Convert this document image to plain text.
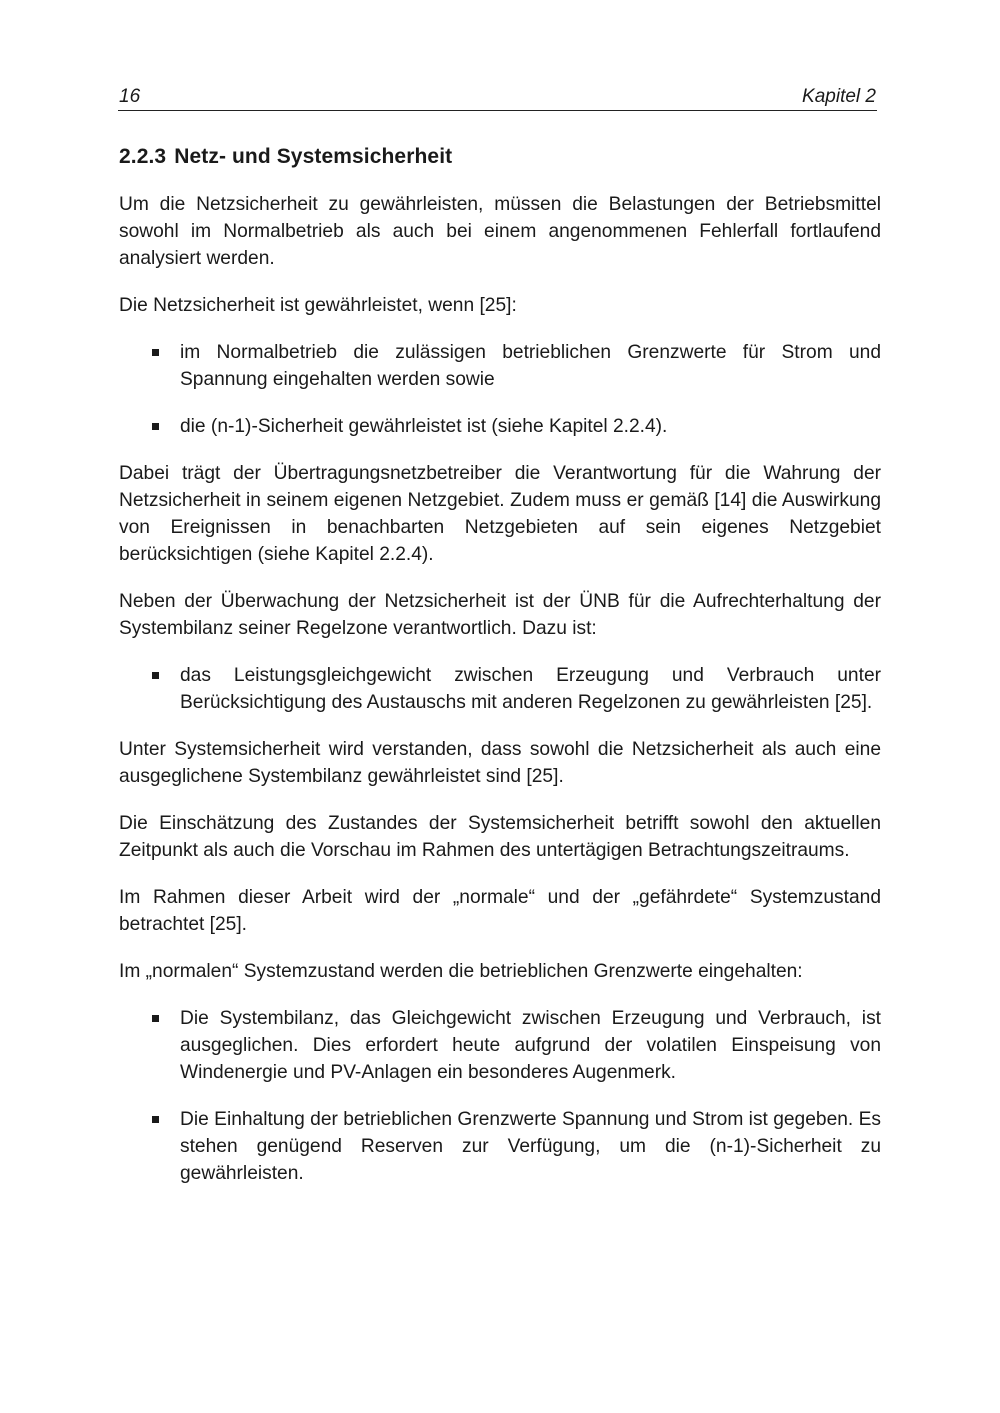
16	Kapitel 2
2.2.3 Netz- und Systemsicherheit

Um die Netzsicherheit zu gewährleisten, müssen die Belastungen der Betriebsmittel sowohl im Normalbetrieb als auch bei einem angenommenen Fehlerfall fortlaufend analysiert werden.

Die Netzsicherheit ist gewährleistet, wenn [25]:

im Normalbetrieb die zulässigen betrieblichen Grenzwerte für Strom und Spannung eingehalten werden sowie
die (n-1)-Sicherheit gewährleistet ist (siehe Kapitel 2.2.4).

Dabei trägt der Übertragungsnetzbetreiber die Verantwortung für die Wahrung der Netzsicherheit in seinem eigenen Netzgebiet. Zudem muss er gemäß [14] die Auswirkung von Ereignissen in benachbarten Netzgebieten auf sein eigenes Netzgebiet berücksichtigen (siehe Kapitel 2.2.4).

Neben der Überwachung der Netzsicherheit ist der ÜNB für die Aufrechterhaltung der Systembilanz seiner Regelzone verantwortlich. Dazu ist:

das Leistungsgleichgewicht zwischen Erzeugung und Verbrauch unter Berücksichtigung des Austauschs mit anderen Regelzonen zu gewährleisten [25].

Unter Systemsicherheit wird verstanden, dass sowohl die Netzsicherheit als auch eine ausgeglichene Systembilanz gewährleistet sind [25].

Die Einschätzung des Zustandes der Systemsicherheit betrifft sowohl den aktuellen Zeitpunkt als auch die Vorschau im Rahmen des untertägigen Betrachtungszeitraums.

Im Rahmen dieser Arbeit wird der „normale“ und der „gefährdete“ Systemzustand betrachtet [25].

Im „normalen“ Systemzustand werden die betrieblichen Grenzwerte eingehalten:

Die Systembilanz, das Gleichgewicht zwischen Erzeugung und Verbrauch, ist ausgeglichen. Dies erfordert heute aufgrund der volatilen Einspeisung von Windenergie und PV-Anlagen ein besonderes Augenmerk.
Die Einhaltung der betrieblichen Grenzwerte Spannung und Strom ist gegeben. Es stehen genügend Reserven zur Verfügung, um die (n-1)-Sicherheit zu gewährleisten.
